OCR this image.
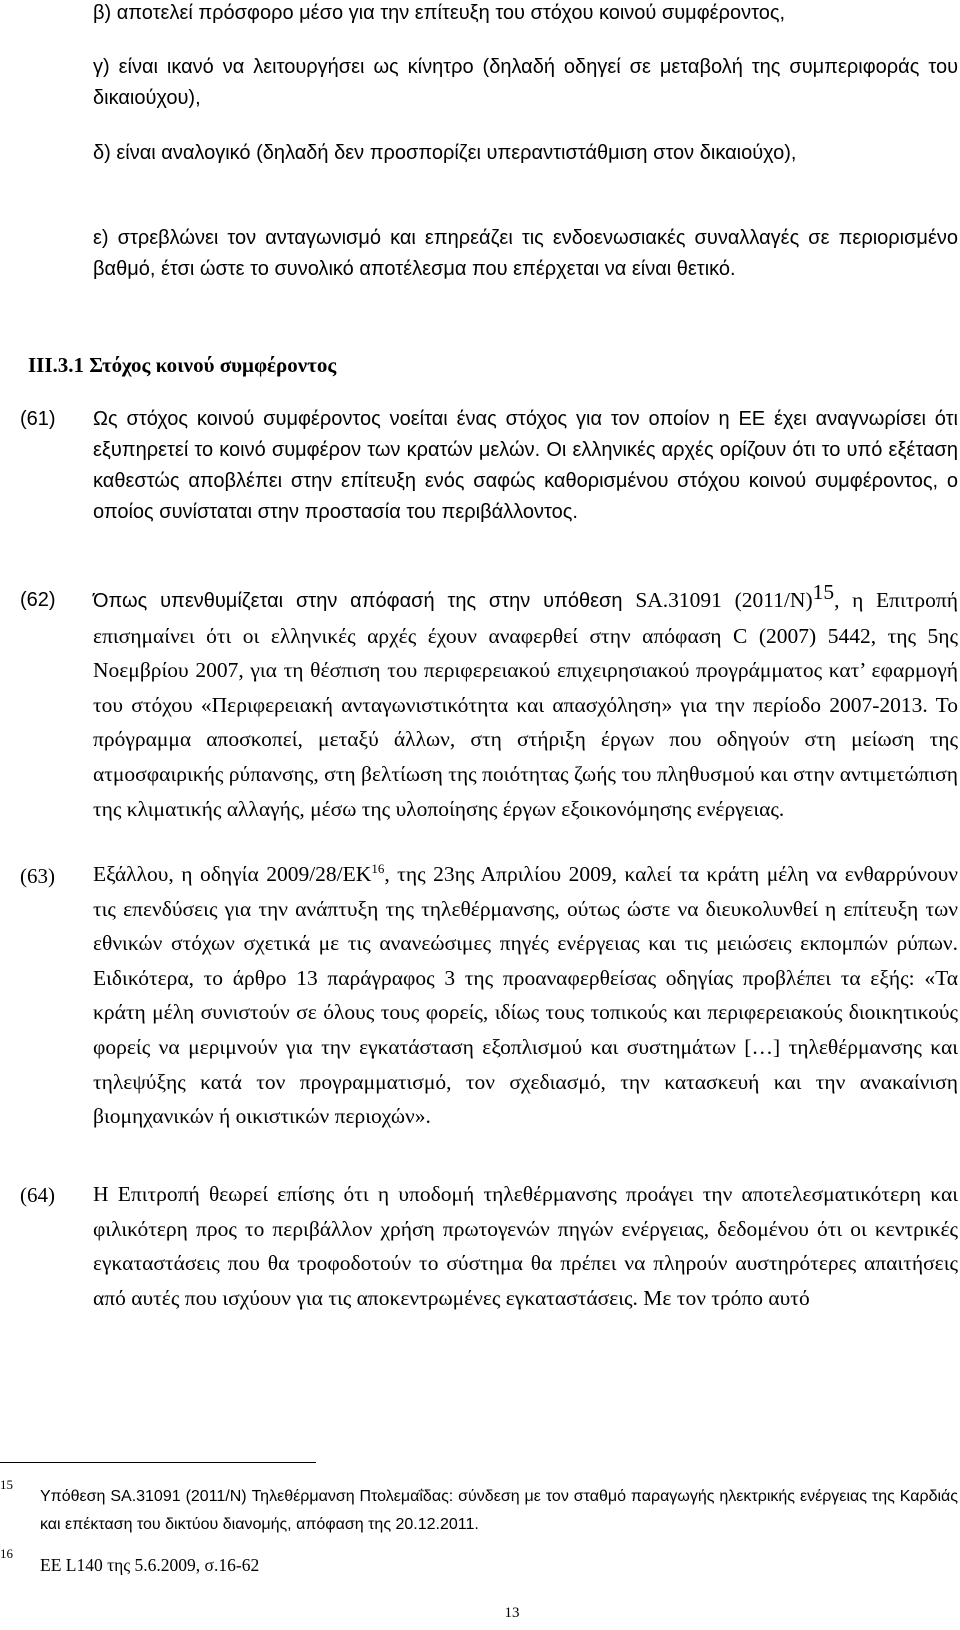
β) αποτελεί πρόσφορο μέσο για την επίτευξη του στόχου κοινού συμφέροντος,

γ) είναι ικανό να λειτουργήσει ως κίνητρο (δηλαδή οδηγεί σε μεταβολή της συμπεριφοράς του δικαιούχου),

δ) είναι αναλογικό (δηλαδή δεν προσπορίζει υπεραντιστάθμιση στον δικαιούχο),

ε) στρεβλώνει τον ανταγωνισμό και επηρεάζει τις ενδοενωσιακές συναλλαγές σε περιορισμένο βαθμό, έτσι ώστε το συνολικό αποτέλεσμα που επέρχεται να είναι θετικό.

III.3.1 Στόχος κοινού συμφέροντος

(61) Ως στόχος κοινού συμφέροντος νοείται ένας στόχος για τον οποίον η ΕΕ έχει αναγνωρίσει ότι εξυπηρετεί το κοινό συμφέρον των κρατών μελών. Οι ελληνικές αρχές ορίζουν ότι το υπό εξέταση καθεστώς αποβλέπει στην επίτευξη ενός σαφώς καθορισμένου στόχου κοινού συμφέροντος, ο οποίος συνίσταται στην προστασία του περιβάλλοντος.

(62) Όπως υπενθυμίζεται στην απόφασή της στην υπόθεση SA.31091 $(2011/N)^{15}$, η Επιτροπή επισημαίνει ότι οι ελληνικές αρχές έχουν αναφερθεί στην απόφαση C (2007) 5442, της 5ης Νοεμβρίου 2007, για τη θέσπιση του περιφερειακού επιχειρησιακού προγράμματος κατ’ εφαρμογή του στόχου «Περιφερειακή ανταγωνιστικότητα και απασχόληση» για την περίοδο 2007-2013. Το πρόγραμμα αποσκοπεί, μεταξύ άλλων, στη στήριξη έργων που οδηγούν στη μείωση της ατμοσφαιρικής ρύπανσης, στη βελτίωση της ποιότητας ζωής του πληθυσμού και στην αντιμετώπιση της κλιματικής αλλαγής, μέσω της υλοποίησης έργων εξοικονόμησης ενέργειας.

(63) Εξάλλου, η οδηγία 2009/28/ΕΚ$^{16}$, της 23ης Απριλίου 2009, καλεί τα κράτη μέλη να ενθαρρύνουν τις επενδύσεις για την ανάπτυξη της τηλεθέρμανσης, ούτως ώστε να διευκολυνθεί η επίτευξη των εθνικών στόχων σχετικά με τις ανανεώσιμες πηγές ενέργειας και τις μειώσεις εκπομπών ρύπων. Ειδικότερα, το άρθρο 13 παράγραφος 3 της προαναφερθείσας οδηγίας προβλέπει τα εξής: «Τα κράτη μέλη συνιστούν σε όλους τους φορείς, ιδίως τους τοπικούς και περιφερειακούς διοικητικούς φορείς να μεριμνούν για την εγκατάσταση εξοπλισμού και συστημάτων […] τηλεθέρμανσης και τηλεψύξης κατά τον προγραμματισμό, τον σχεδιασμό, την κατασκευή και την ανακαίνιση βιομηχανικών ή οικιστικών περιοχών».

(64) Η Επιτροπή θεωρεί επίσης ότι η υποδομή τηλεθέρμανσης προάγει την αποτελεσματικότερη και φιλικότερη προς το περιβάλλον χρήση πρωτογενών πηγών ενέργειας, δεδομένου ότι οι κεντρικές εγκαταστάσεις που θα τροφοδοτούν το σύστημα θα πρέπει να πληρούν αυστηρότερες απαιτήσεις από αυτές που ισχύουν για τις αποκεντρωμένες εγκαταστάσεις. Με τον τρόπο αυτό

15

Υπόθεση SA.31091 (2011/N) Τηλεθέρμανση Πτολεμαΐδας: σύνδεση με τον σταθμό παραγωγής ηλεκτρικής ενέργειας της Καρδιάς και επέκταση του δικτύου διανομής, απόφαση της 20.12.2011.

16

ΕΕ L140 της 5.6.2009, σ.16-62

13
